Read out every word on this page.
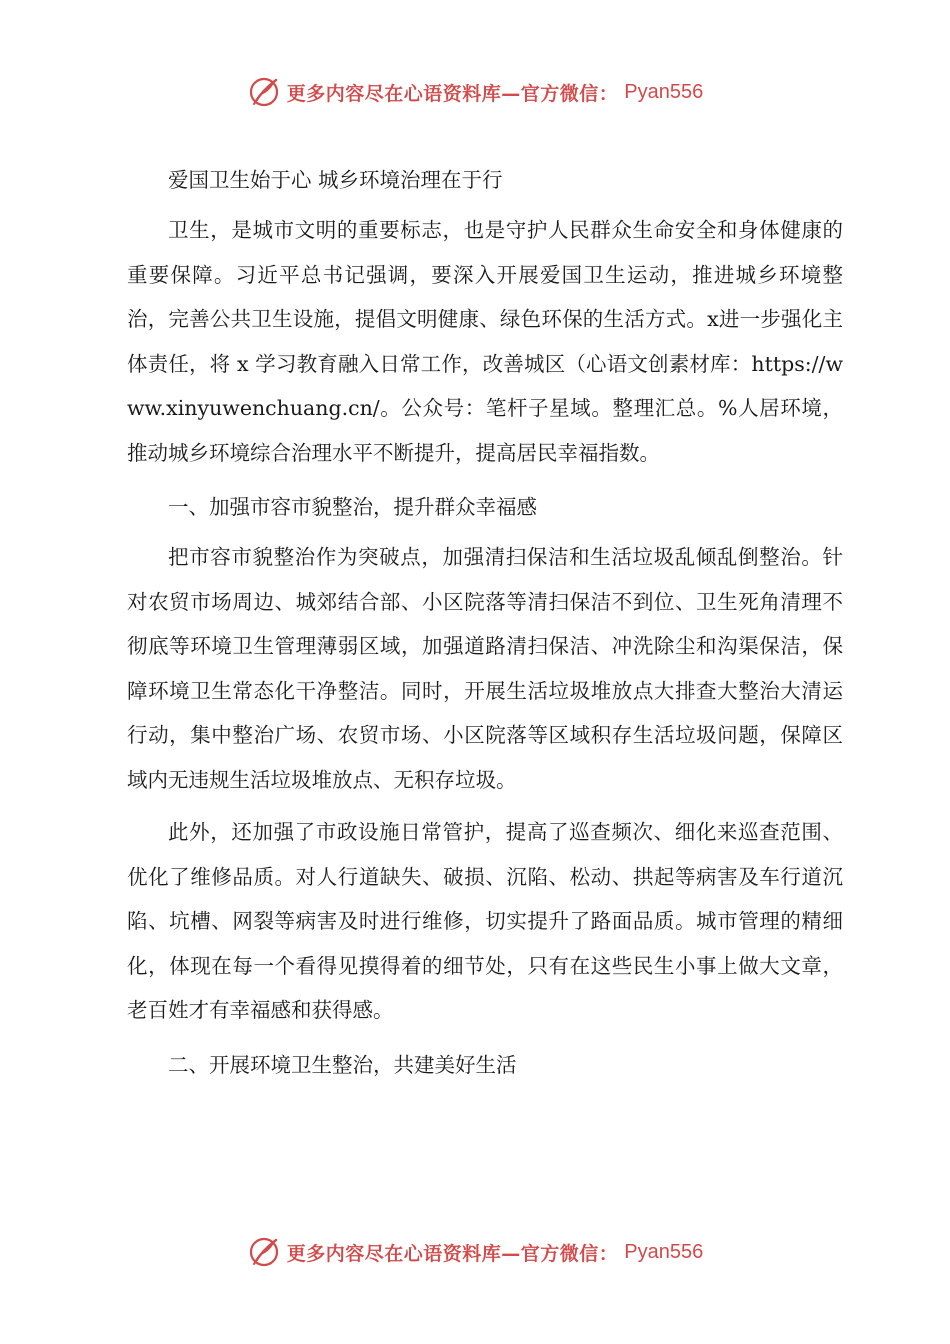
更多内容尽在心语资料库—官方微信： Pyan556

爱国卫生始于心 城乡环境治理在于行

卫生，是城市文明的重要标志，也是守护人民群众生命安全和身体健康的重要保障。习近平总书记强调，要深入开展爱国卫生运动，推进城乡环境整治，完善公共卫生设施，提倡文明健康、绿色环保的生活方式。x进一步强化主体责任，将 x 学习教育融入日常工作，改善城区（心语文创素材库：https://www.xinyuwenchuang.cn/。公众号：笔杆子星域。整理汇总。%人居环境， 推动城乡环境综合治理水平不断提升，提高居民幸福指数。

一、加强市容市貌整治，提升群众幸福感

把市容市貌整治作为突破点，加强清扫保洁和生活垃圾乱倾乱倒整治。针对农贸市场周边、城郊结合部、小区院落等清扫保洁不到位、卫生死角清理不彻底等环境卫生管理薄弱区域，加强道路清扫保洁、冲洗除尘和沟渠保洁，保障环境卫生常态化干净整洁。同时，开展生活垃圾堆放点大排查大整治大清运行动，集中整治广场、农贸市场、小区院落等区域积存生活垃圾问题，保障区域内无违规生活垃圾堆放点、无积存垃圾。

此外，还加强了市政设施日常管护，提高了巡查频次、细化来巡查范围、优化了维修品质。对人行道缺失、破损、沉陷、松动、拱起等病害及车行道沉陷、坑槽、网裂等病害及时进行维修，切实提升了路面品质。城市管理的精细化，体现在每一个看得见摸得着的细节处，只有在这些民生小事上做大文章，老百姓才有幸福感和获得感。

二、开展环境卫生整治，共建美好生活

更多内容尽在心语资料库—官方微信： Pyan556
